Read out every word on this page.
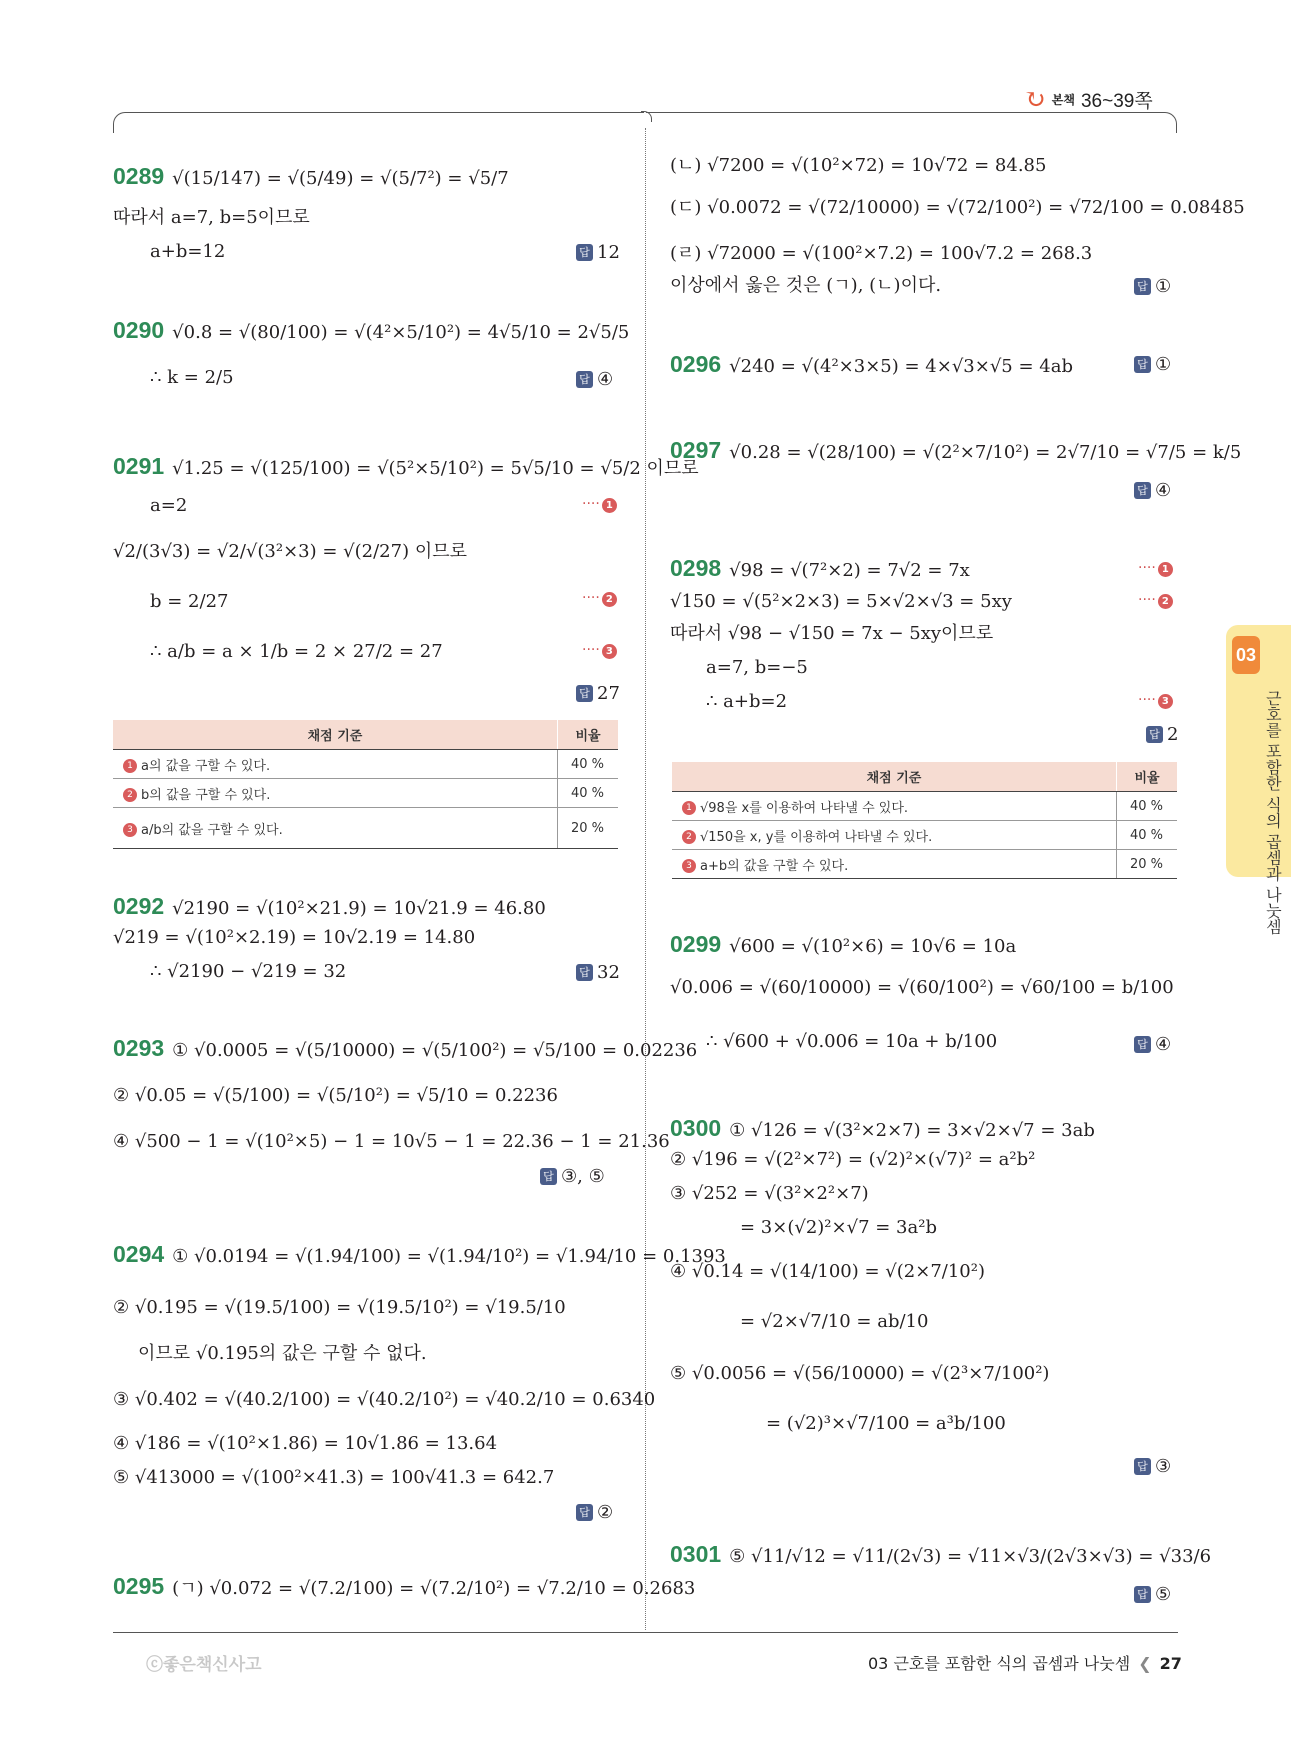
↻ 본책 36~39쪽
03
근호를 포함한 식의 곱셈과 나눗셈
0289 √(15/147) = √(5/49) = √(5/7²) = √5/7
따라서 a=7, b=5이므로
a+b=12	답 12
0290 √0.8 = √(80/100) = √(4²×5/10²) = 4√5/10 = 2√5/5
∴ k = 2/5	답 ④
0291 √1.25 = √(125/100) = √(5²×5/10²) = 5√5/10 = √5/2 이므로
a=2	···· 1
√2/(3√3) = √2/√(3²×3) = √(2/27) 이므로
b = 2/27	···· 2
∴ a/b = a × 1/b = 2 × 27/2 = 27	···· 3
답 27
채점 기준	비율
1 a의 값을 구할 수 있다.	40 %
2 b의 값을 구할 수 있다.	40 %
3 a/b의 값을 구할 수 있다.	20 %
0292 √2190 = √(10²×21.9) = 10√21.9 = 46.80
√219 = √(10²×2.19) = 10√2.19 = 14.80
∴ √2190 − √219 = 32	답 32
0293 ① √0.0005 = √(5/10000) = √(5/100²) = √5/100 = 0.02236
② √0.05 = √(5/100) = √(5/10²) = √5/10 = 0.2236
④ √500 − 1 = √(10²×5) − 1 = 10√5 − 1 = 22.36 − 1 = 21.36
답 ③, ⑤
0294 ① √0.0194 = √(1.94/100) = √(1.94/10²) = √1.94/10 = 0.1393
② √0.195 = √(19.5/100) = √(19.5/10²) = √19.5/10
이므로 √0.195의 값은 구할 수 없다.
③ √0.402 = √(40.2/100) = √(40.2/10²) = √40.2/10 = 0.6340
④ √186 = √(10²×1.86) = 10√1.86 = 13.64
⑤ √413000 = √(100²×41.3) = 100√41.3 = 642.7
답 ②
0295 (ㄱ) √0.072 = √(7.2/100) = √(7.2/10²) = √7.2/10 = 0.2683
(ㄴ) √7200 = √(10²×72) = 10√72 = 84.85
(ㄷ) √0.0072 = √(72/10000) = √(72/100²) = √72/100 = 0.08485
(ㄹ) √72000 = √(100²×7.2) = 100√7.2 = 268.3
이상에서 옳은 것은 (ㄱ), (ㄴ)이다.	답 ①
0296 √240 = √(4²×3×5) = 4×√3×√5 = 4ab	답 ①
0297 √0.28 = √(28/100) = √(2²×7/10²) = 2√7/10 = √7/5 = k/5
답 ④
0298 √98 = √(7²×2) = 7√2 = 7x	···· 1
√150 = √(5²×2×3) = 5×√2×√3 = 5xy	···· 2
따라서 √98 − √150 = 7x − 5xy이므로
a=7, b=−5
∴ a+b=2	···· 3
답 2
채점 기준	비율
1 √98을 x를 이용하여 나타낼 수 있다.	40 %
2 √150을 x, y를 이용하여 나타낼 수 있다.	40 %
3 a+b의 값을 구할 수 있다.	20 %
0299 √600 = √(10²×6) = 10√6 = 10a
√0.006 = √(60/10000) = √(60/100²) = √60/100 = b/100
∴ √600 + √0.006 = 10a + b/100	답 ④
0300 ① √126 = √(3²×2×7) = 3×√2×√7 = 3ab
② √196 = √(2²×7²) = (√2)²×(√7)² = a²b²
③ √252 = √(3²×2²×7)
= 3×(√2)²×√7 = 3a²b
④ √0.14 = √(14/100) = √(2×7/10²)
= √2×√7/10 = ab/10
⑤ √0.0056 = √(56/10000) = √(2³×7/100²)
= (√2)³×√7/100 = a³b/100
답 ③
0301 ⑤ √11/√12 = √11/(2√3) = √11×√3/(2√3×√3) = √33/6
답 ⑤
ⓒ좋은책신사고	03 근호를 포함한 식의 곱셈과 나눗셈 ❮ 27
